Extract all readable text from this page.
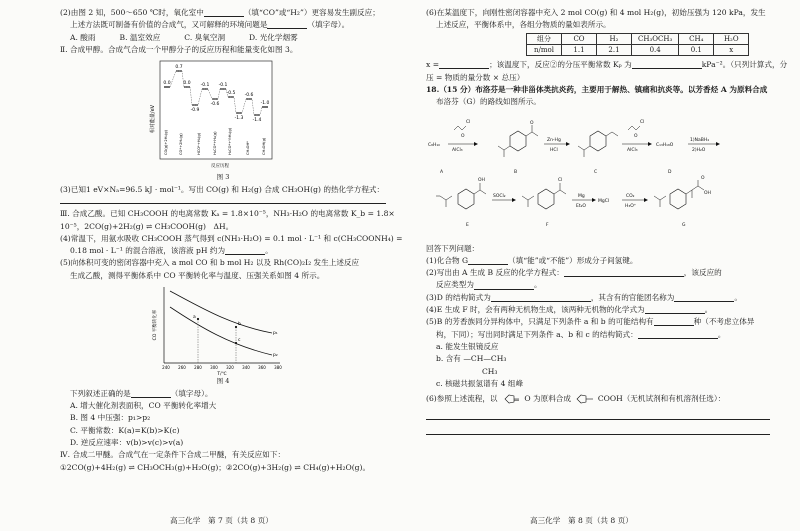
(2)由图 2 知，500～650 ℃时，氧化室中	（填“CO”或“H₂”）更容易发生副反应；
上述方法既可制备有价值的合成气，又可解释的环境问题是	（填字母）。
A. 酸雨	B. 温室效应	C. 臭氧空洞	D. 光化学烟雾
Ⅱ. 合成甲醇。合成气合成一个甲醇分子的反应历程和能量变化如图 3。
相对能量/eV
0.0
0.7
0.0
-0.9
-0.1
-0.6
-0.1
-0.5
-1.3
-0.6
-1.4
-1.0
CO(g)+2H₂(g)	CO*+2H₂(g)	HCO*+H₂(g)	H₂CO*+H₂(g)	H₃CO*+½H₂(g)	CH₃OH*	CH₃OH(g)
反应历程
图 3
(3)已知1 eV×Nₐ=96.5 kJ · mol⁻¹。写出 CO(g) 和 H₂(g) 合成 CH₃OH(g) 的热化学方程式：
Ⅲ. 合成乙酸。已知 CH₃COOH 的电离常数 Kₐ = 1.8×10⁻⁵，NH₃·H₂O 的电离常数 K_b = 1.8×
10⁻⁵，2CO(g)+2H₂(g) ⇌ CH₃COOH(g)　ΔH。
(4)常温下，用氨水吸收 CH₃COOH 蒸气得到 c(NH₃·H₂O) = 0.1 mol · L⁻¹ 和 c(CH₃COONH₄) =
0.18 mol · L⁻¹ 的混合溶液，该溶液 pH 约为	。
(5)向体积可变的密闭容器中充入 a mol CO 和 b mol H₂ 以及 Rh(CO)₂I₂ 发生上述反应
生成乙酸，测得平衡体系中 CO 平衡转化率与温度、压强关系如图 4 所示。
CO 平衡转化率	a
b
c
p₁
p₂
240 260 280 300 320 340 360 380
T/℃
图 4
下列叙述正确的是	（填字母）。
A. 增大催化剂表面积，CO 平衡转化率增大
B. 图 4 中压强：p₁>p₂
C. 平衡常数：K(a)=K(b)>K(c)
D. 逆反应速率：v(b)>v(c)>v(a)
Ⅳ. 合成二甲醚。合成气在一定条件下合成二甲醚，有关反应如下：
①2CO(g)+4H₂(g) ⇌ CH₃OCH₃(g)+H₂O(g)；②2CO(g)+3H₂(g) ⇌ CH₄(g)+H₂O(g)。
高三化学　第 7 页（共 8 页）
(6)在某温度下，向刚性密闭容器中充入 2 mol CO(g) 和 4 mol H₂(g)，初始压强为 120 kPa，发生
上述反应，平衡体系中，各组分物质的量如表所示。
组分	CO	H₂	CH₃OCH₃	CH₄	H₂O
n/mol	1.1	2.1	0.4	0.1	x
x =	；该温度下，反应②的分压平衡常数 Kₚ 为	kPa⁻²。（只列计算式，分
压 = 物质的量分数 × 总压）
18.（15 分）布洛芬是一种非甾体类抗炎药，主要用于解热、镇痛和抗炎等。以芳香烃 A 为原料合成
布洛芬（G）的路线如图所示。
C₈H₁₀
A
AlCl₃
Cl
O
O
B
Zn-Hg
HCl
C
Cl
O
AlCl₃
C₁₃H₁₈O
D
1)NaBH₄
2)H₂O
OH
E
SOCl₂
Cl
F
Mg
Et₂O
MgCl
CO₂
H₃O⁺
O
OH
G
回答下列问题：
(1)化合物 G	（填“能”或“不能”）形成分子间氢键。
(2)写出由 A 生成 B 反应的化学方程式：	，该反应的
反应类型为	。
(3)D 的结构简式为	，其含有的官能团名称为	。
(4)E 生成 F 时，会有两种无机物生成，该两种无机物的化学式为	。
(5)B 的芳香族同分异构体中，只满足下列条件 a 和 b 的可能结构有	种（不考虑立体异
构，下同）；写出同时满足下列条件 a、b 和 c 的结构简式：	。
a. 能发生银镜反应
b. 含有 —CH—CH₃
CH₃
c. 核磁共振氢谱有 4 组峰
(6)参照上述流程，以	O 为原料合成	COOH（无机试剂和有机溶剂任选）：
高三化学　第 8 页（共 8 页）
